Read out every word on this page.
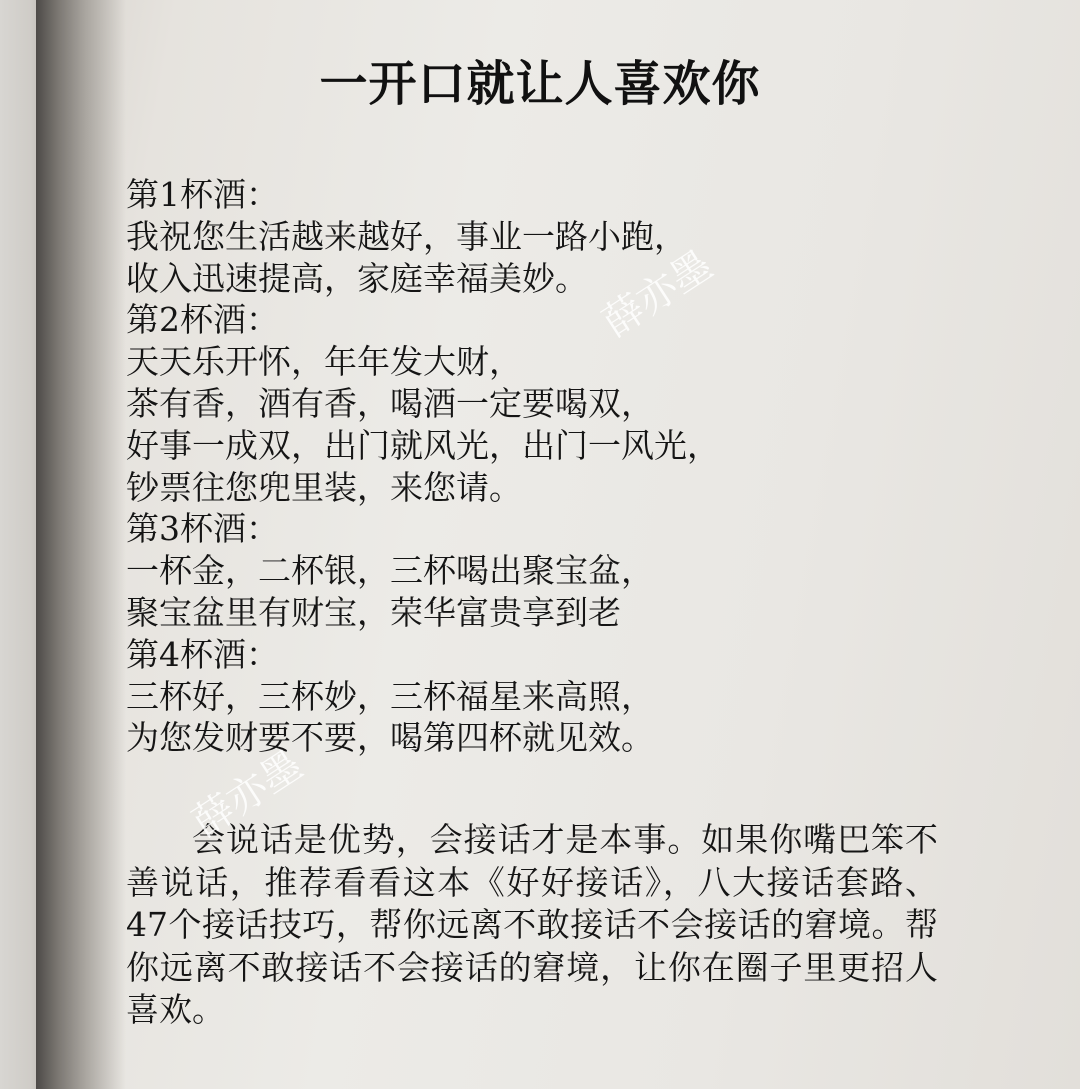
一开口就让人喜欢你
第1杯酒：
我祝您生活越来越好，事业一路小跑，
收入迅速提高，家庭幸福美妙。
第2杯酒：
天天乐开怀，年年发大财，
茶有香，酒有香，喝酒一定要喝双，
好事一成双，出门就风光，出门一风光，
钞票往您兜里装，来您请。
第3杯酒：
一杯金，二杯银，三杯喝出聚宝盆，
聚宝盆里有财宝，荣华富贵享到老
第4杯酒：
三杯好，三杯妙，三杯福星来高照，
为您发财要不要，喝第四杯就见效。
会说话是优势，会接话才是本事。如果你嘴巴笨不善说话，推荐看看这本《好好接话》，八大接话套路、47个接话技巧，帮你远离不敢接话不会接话的窘境。帮你远离不敢接话不会接话的窘境，让你在圈子里更招人喜欢。
薛亦墨
薛亦墨
